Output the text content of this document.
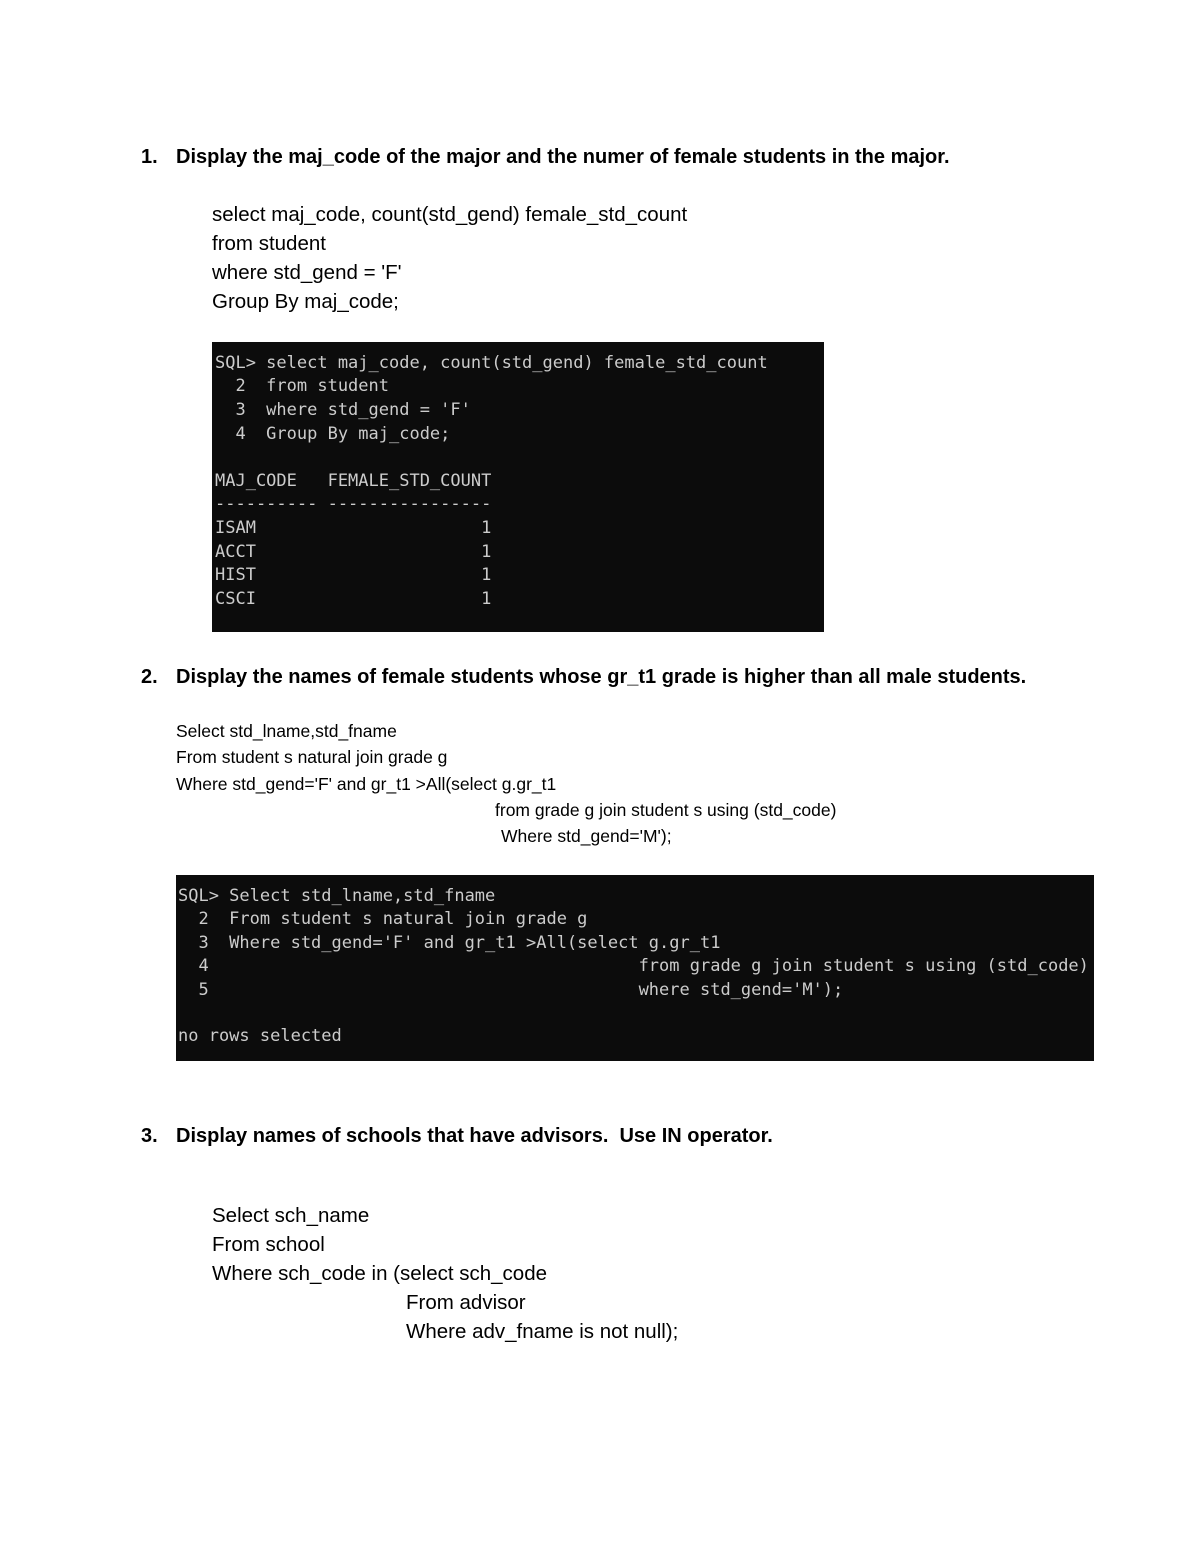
1.

Display the maj_code of the major and the numer of female students in the major.

select maj_code, count(std_gend) female_std_count

from student

where std_gend = 'F'

Group By maj_code;

SQL> select maj_code, count(std_gend) female_std_count
2  from student
3  where std_gend = 'F'
4  Group By maj_code;
MAJ_CODE   FEMALE_STD_COUNT
---------- ----------------
ISAM                      1
ACCT                      1
HIST                      1
CSCI                      1

2.

Display the names of female students whose gr_t1 grade is higher than all male students.

Select std_lname,std_fname

From student s natural join grade g

Where std_gend='F' and gr_t1 >All(select g.gr_t1

from grade g join student s using (std_code)

Where std_gend='M');

SQL> Select std_lname,std_fname
2  From student s natural join grade g
3  Where std_gend='F' and gr_t1 >All(select g.gr_t1
4                                          from grade g join student s using (std_code)
5                                          where std_gend='M');
no rows selected

3.

Display names of schools that have advisors.  Use IN operator.

Select sch_name

From school

Where sch_code in (select sch_code

From advisor

Where adv_fname is not null);
